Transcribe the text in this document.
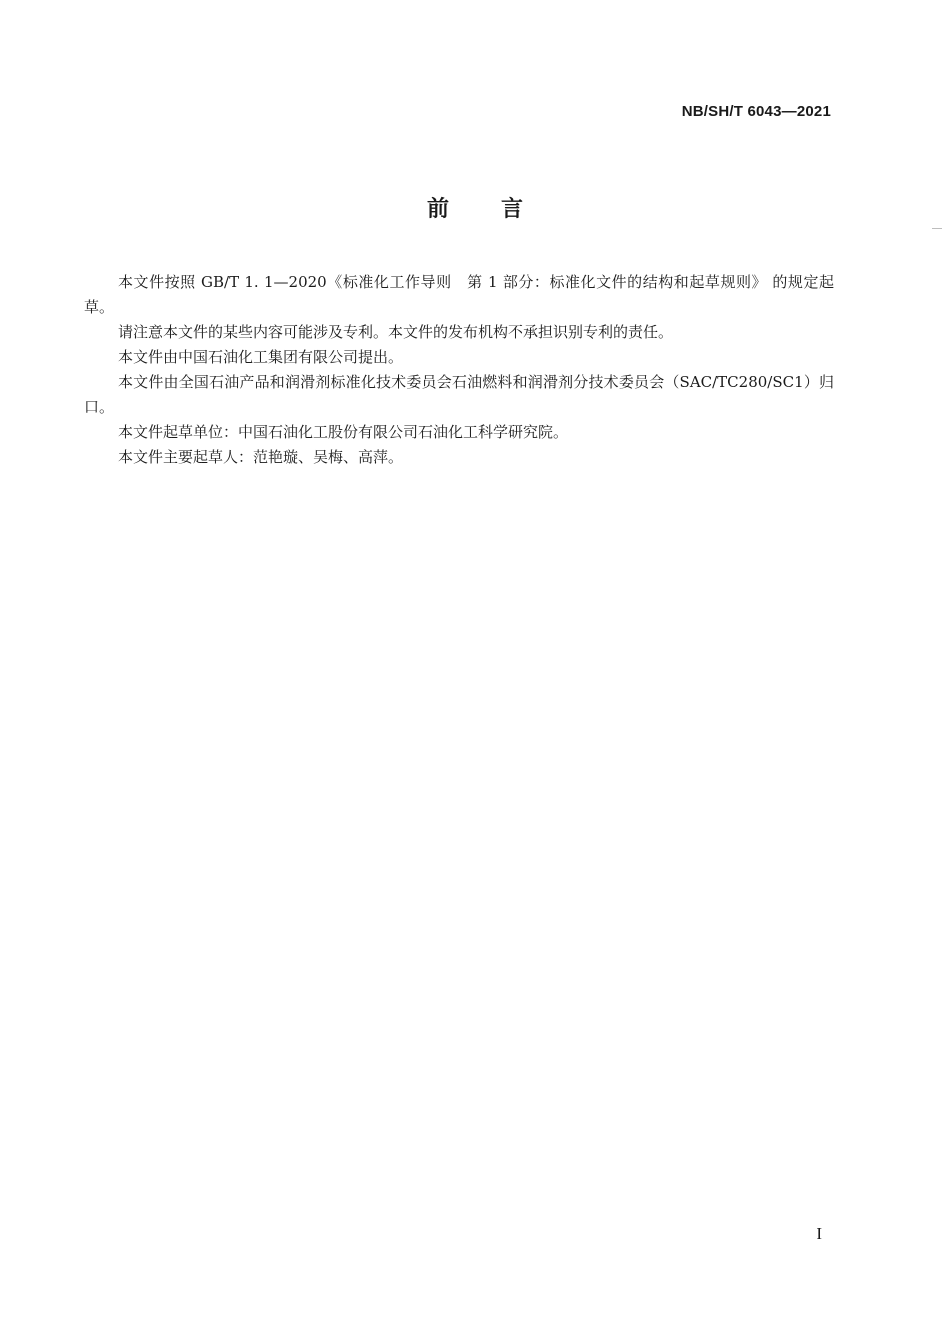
NB/SH/T 6043—2021
前 言

本文件按照 GB/T 1. 1—2020《标准化工作导则　第 1 部分：标准化文件的结构和起草规则》 的规定起草。

请注意本文件的某些内容可能涉及专利。本文件的发布机构不承担识别专利的责任。

本文件由中国石油化工集团有限公司提出。

本文件由全国石油产品和润滑剂标准化技术委员会石油燃料和润滑剂分技术委员会（SAC/TC280/SC1）归口。

本文件起草单位：中国石油化工股份有限公司石油化工科学研究院。

本文件主要起草人：范艳璇、吴梅、高萍。

I
